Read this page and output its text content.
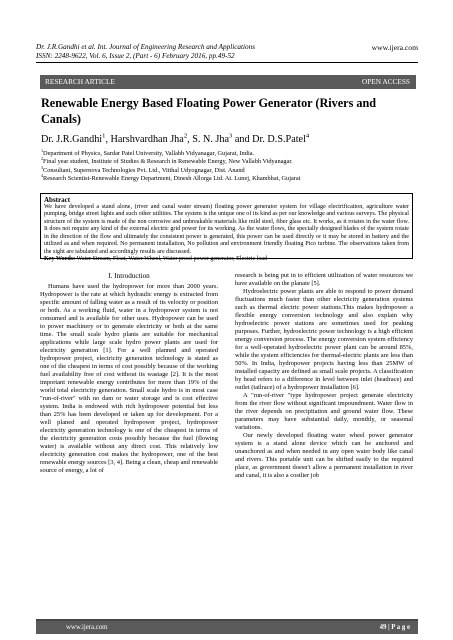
Dr. J.R.Gandhi et al. Int. Journal of Engineering Research and Applications
ISSN: 2248-9622, Vol. 6, Issue 2, (Part - 6) February 2016, pp.49-52
www.ijera.com
RESEARCH ARTICLE	OPEN ACCESS
Renewable Energy Based Floating Power Generator (Rivers and Canals)
Dr. J.R.Gandhi$^1$, Harshvardhan Jha$^2$, S. N. Jha$^3$ and Dr. D.S.Patel$^4$
$^1$Department of Physics, Sardar Patel University, Vallabh Vidyanagar, Gujarat, India.
$^2$Final year student, Institute of Studies & Research in Renewable Energy, New Vallabh Vidyanagar.
$^3$Consultant, Supernova Technologies Pvt. Ltd., Vitthal Udyognagar, Dist. Anand
$^4$Research Scientist-Renewable Energy Department, Dinesh Allorga Ltd. At. Lunej, Khambhat, Gujarat
Abstract
We have developed a stand alone, (river and canal water stream) floating power generator system for village electrification, agriculture water pumping, bridge street lights and such other utilities. The system is the unique one of its kind as per our knowledge and various surveys. The physical structure of the system is made of the non corrosive and unbreakable materials like mild steel, fiber glass etc. It works, as it rotates in the water flow. It does not require any kind of the external electric grid power for its working. As the water flows, the specially designed blades of the system rotate in the direction of the flow and ultimately the consistent power is generated, this power can be used directly or it may be stored in battery and the utilized as and when required. No permanent installation, No pollution and environment friendly floating Pico turbine. The observations taken from the sight are tabulated and accordingly results are discussed.
Key Words: Water Stream, Float, Water Wheel, Water proof power generator, Electric load
I. Introduction

Humans have used the hydropower for more than 2000 years. Hydropower is the rate at which hydraulic energy is extracted from specific amount of falling water as a result of its velocity or position or both. As a working fluid, water in a hydropower system is not consumed and is available for other uses. Hydropower can be used to power machinery or to generate electricity or both at the same time. The small scale hydro plants are suitable for mechanical applications while large scale hydro power plants are used for electricity generation [1]. For a well planned and operated hydropower project, electricity generation technology is stated as one of the cheapest in terms of cost possibly because of the working fuel availability free of cost without its wastage [2]. It is the most important renewable energy contributes for more than 19% of the world total electricity generation. Small scale hydro is in most case "run-of-river" with no dam or water storage and is cost effective system. India is endowed with rich hydropower potential but less than 25% has been developed or taken up for development. For a well planed and operated hydropower project, hydropower electricity generation technology is one of the cheapest in terms of the electricity generation costs possibly because the fuel (flowing water) is available without any direct cost. This relatively low electricity generation cost makes the hydropower, one of the best renewable energy sources [3, 4]. Being a clean, cheap and renewable source of energy, a lot of

research is being put in to efficient utilization of water resources we have available on the planate [5].

Hydroelectric power plants are able to respond to power demand fluctuations much faster than other electricity generation systems such as thermal electric power stations.This makes hydropower a flexible energy conversion technology and also explain why hydroelectric power stations are sometimes used for peaking purposes. Further, hydroelectric power technology is a high efficient energy conversion process. The energy conversion system efficiency for a well-operated hydroelectric power plant can be around 85%, while the system efficiencies for thermal-electric plants are less than 50%. In India, hydropower projects having less than 25MW of installed capacity are defined as small scale projects. A classification by head refers to a difference in level between inlet (headrace) and outlet (tailrace) of a hydropower installation [6].

A "run-of-river "type hydropower project generate electricity from the river flow without significant impoundment. Water flow in the river depends on precipitation and ground water flow. These parameters may have substantial daily, monthly, or seasonal variations.

Our newly developed floating water wheel power generator system is a stand alone device which can be anchored and unanchored as and when needed in any open water body like canal and rivers. This portable unit can be shifted easily to the required place, as government doesn't allow a permanent installation in river and canal, it is also a costlier job

www.ijera.com	49 | P a g e
